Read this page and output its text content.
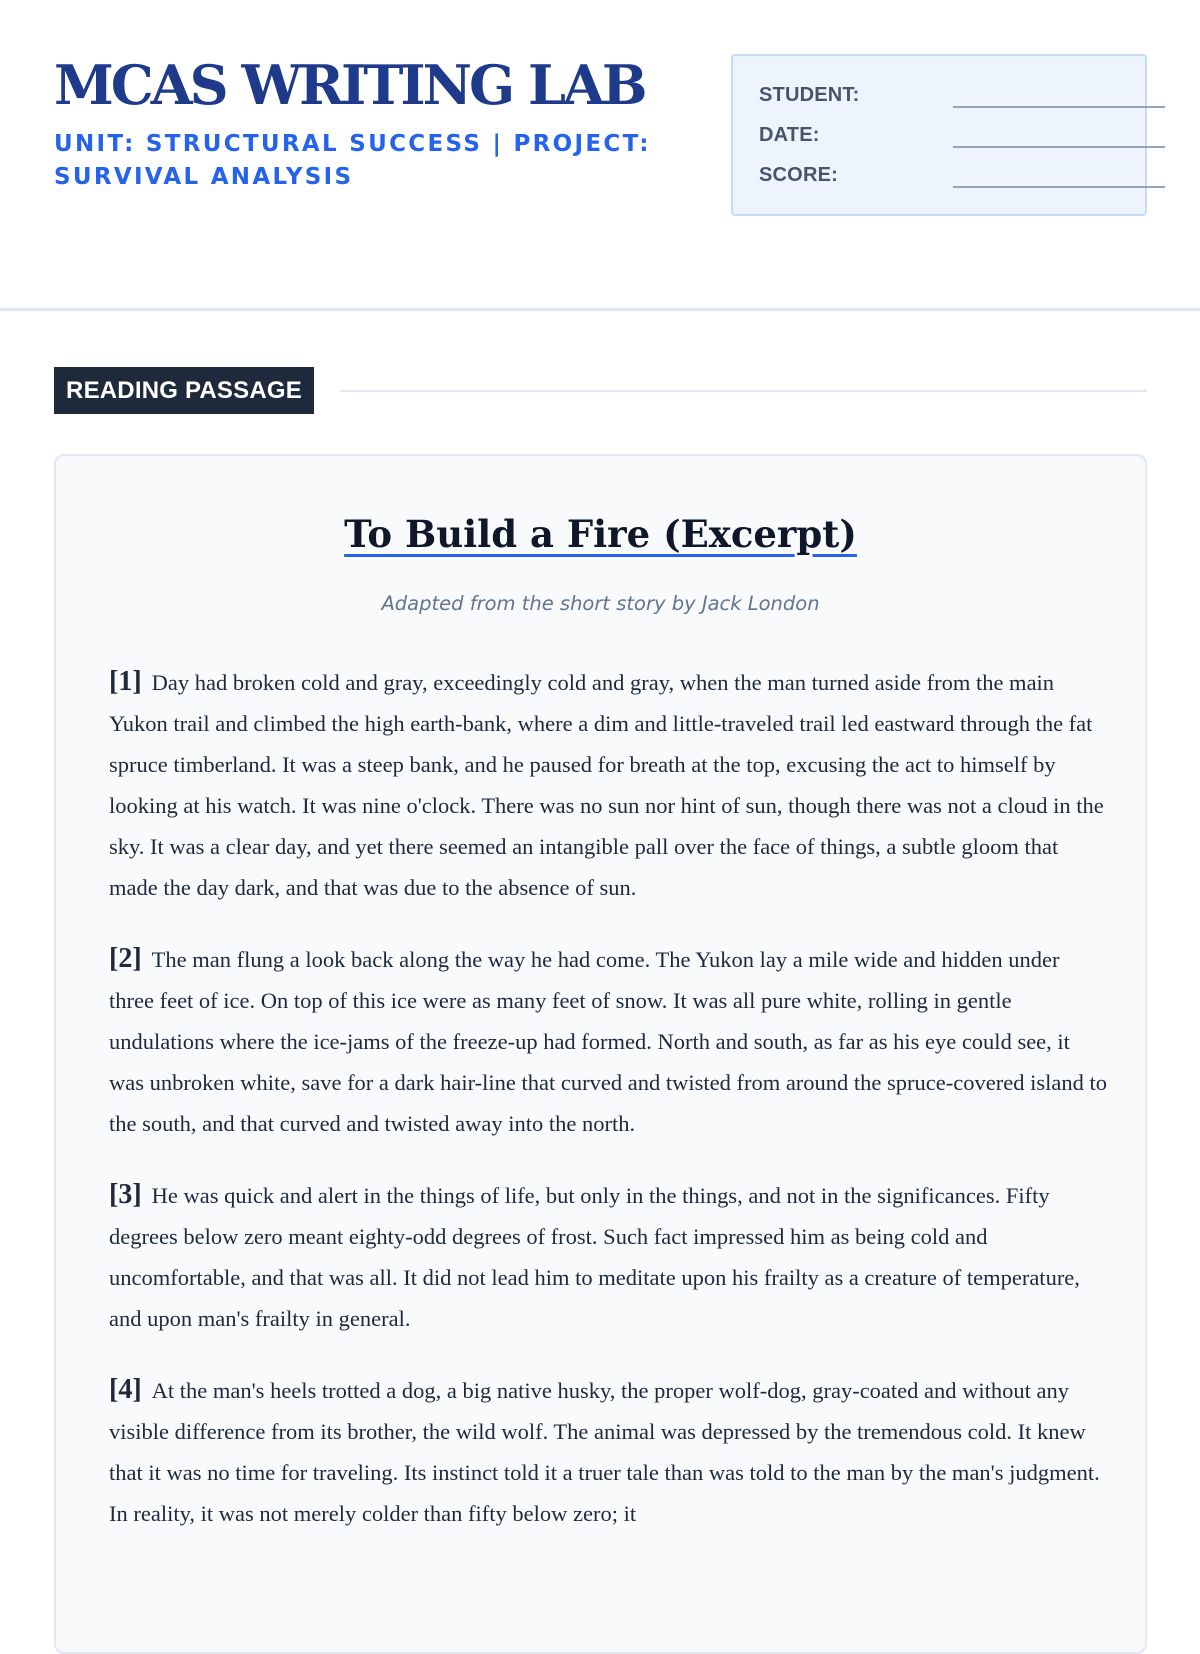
MCAS WRITING LAB

UNIT: STRUCTURAL SUCCESS | PROJECT: SURVIVAL ANALYSIS

STUDENT:
DATE:
SCORE:
READING PASSAGE
To Build a Fire (Excerpt)

Adapted from the short story by Jack London

[1] Day had broken cold and gray, exceedingly cold and gray, when the man turned aside from the main Yukon trail and climbed the high earth-bank, where a dim and little-traveled trail led eastward through the fat spruce timberland. It was a steep bank, and he paused for breath at the top, excusing the act to himself by looking at his watch. It was nine o'clock. There was no sun nor hint of sun, though there was not a cloud in the sky. It was a clear day, and yet there seemed an intangible pall over the face of things, a subtle gloom that made the day dark, and that was due to the absence of sun.

[2] The man flung a look back along the way he had come. The Yukon lay a mile wide and hidden under three feet of ice. On top of this ice were as many feet of snow. It was all pure white, rolling in gentle undulations where the ice-jams of the freeze-up had formed. North and south, as far as his eye could see, it was unbroken white, save for a dark hair-line that curved and twisted from around the spruce-covered island to the south, and that curved and twisted away into the north.

[3] He was quick and alert in the things of life, but only in the things, and not in the significances. Fifty degrees below zero meant eighty-odd degrees of frost. Such fact impressed him as being cold and uncomfortable, and that was all. It did not lead him to meditate upon his frailty as a creature of temperature, and upon man's frailty in general.

[4] At the man's heels trotted a dog, a big native husky, the proper wolf-dog, gray-coated and without any visible difference from its brother, the wild wolf. The animal was depressed by the tremendous cold. It knew that it was no time for traveling. Its instinct told it a truer tale than was told to the man by the man's judgment. In reality, it was not merely colder than fifty below zero; it
